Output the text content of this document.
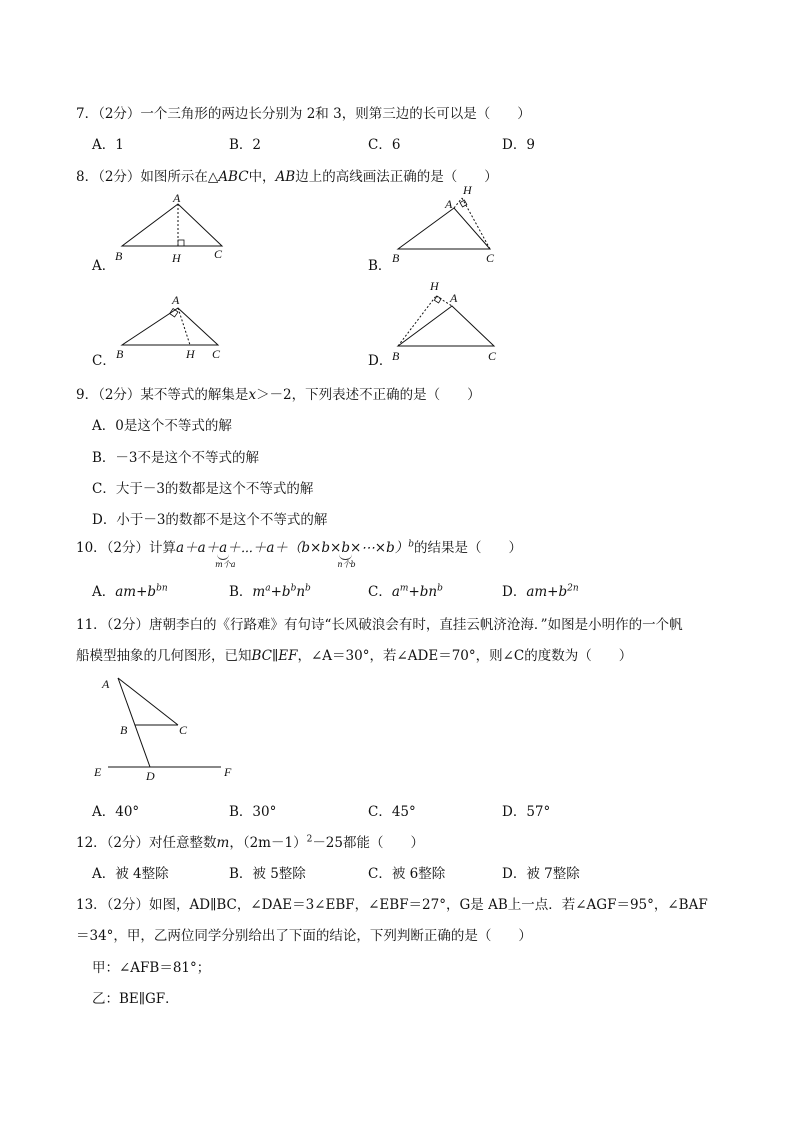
7．（2分）一个三角形的两边长分别为 2和 3，则第三边的长可以是（　　）
A．1	B．2	C．6	D．9
8．（2分）如图所示在△ABC中，AB边上的高线画法正确的是（　　）
A．
A
B	H	C
B．
H
A
B	C
C．
A
B	H C	D．
H
A
B	C
9．（2分）某不等式的解集是x＞－2，下列表述不正确的是（　　）
A．0是这个不等式的解
B．－3不是这个不等式的解
C．大于－3的数都是这个不等式的解
D．小于－3的数都不是这个不等式的解
10．（2分）计算a＋a＋a
m个a
＋⋯＋a＋（b×b×b
n个b
×⋯×b）$^b$的结果是（　　）
A．$am+b^{bn}$	B．$m^a+b^bn^b$	C．$a^m+bn^b$	D．$am+b^{2n}$
11．（2分）唐朝李白的《行路难》有句诗“长风破浪会有时，直挂云帆济沧海．”如图是小明作的一个帆
船模型抽象的几何图形，已知BC∥EF，∠A＝30°，若∠ADE＝70°，则∠C的度数为（　　）
A
B	C
E	D	F
A．40°	B．30°	C．45°	D．57°
12．（2分）对任意整数m，$(2m-1)^2-25$都能（　　）
A．被 4整除	B．被 5整除	C．被 6整除	D．被 7整除
13．（2分）如图，AD∥BC，∠DAE＝3∠EBF，∠EBF＝27°，G是 AB上一点．若∠AGF＝95°，∠BAF
＝34°，甲，乙两位同学分别给出了下面的结论，下列判断正确的是（　　）
甲：∠AFB＝81°；
乙：BE∥GF．
